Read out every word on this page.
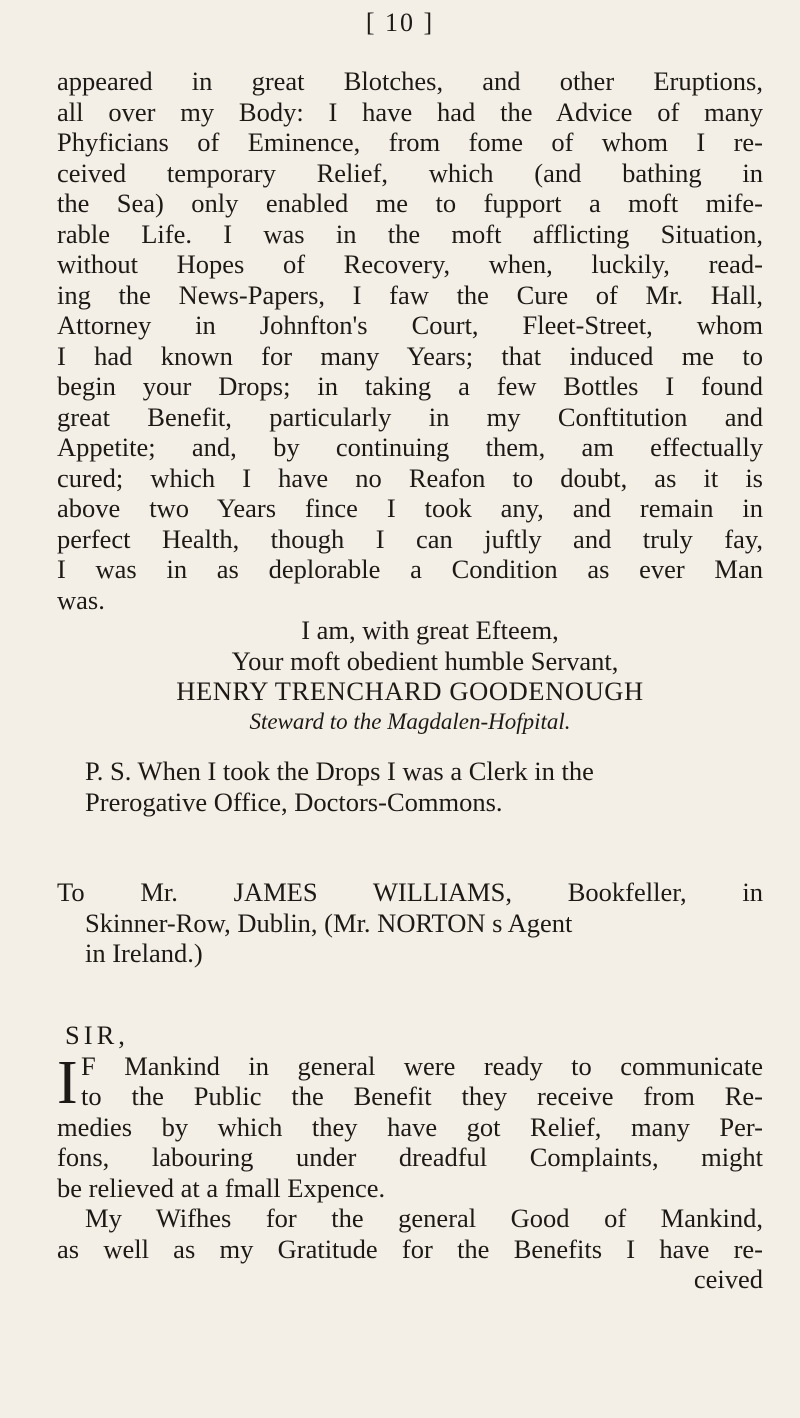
[ 10 ]
appeared in great Blotches, and other Eruptions,
all over my Body: I have had the Advice of many
Phyficians of Eminence, from fome of whom I re-
ceived temporary Relief, which (and bathing in
the Sea) only enabled me to fupport a moft mife-
rable Life. I was in the moft afflicting Situation,
without Hopes of Recovery, when, luckily, read-
ing the News-Papers, I faw the Cure of Mr. Hall,
Attorney in Johnfton's Court, Fleet-Street, whom
I had known for many Years; that induced me to
begin your Drops; in taking a few Bottles I found
great Benefit, particularly in my Conftitution and
Appetite; and, by continuing them, am effectually
cured; which I have no Reafon to doubt, as it is
above two Years fince I took any, and remain in
perfect Health, though I can juftly and truly fay,
I was in as deplorable a Condition as ever Man
was.
I am, with great Efteem,
Your moft obedient humble Servant,
HENRY TRENCHARD GOODENOUGH
Steward to the Magdalen-Hofpital.
P. S. When I took the Drops I was a Clerk in the
Prerogative Office, Doctors-Commons.
To Mr. JAMES WILLIAMS, Bookfeller, in
Skinner-Row, Dublin, (Mr. NORTON s Agent
in Ireland.)
SIR,
I F Mankind in general were ready to communicate
to the Public the Benefit they receive from Re-
medies by which they have got Relief, many Per-
fons, labouring under dreadful Complaints, might
be relieved at a fmall Expence.
My Wifhes for the general Good of Mankind,
as well as my Gratitude for the Benefits I have re-
ceived
